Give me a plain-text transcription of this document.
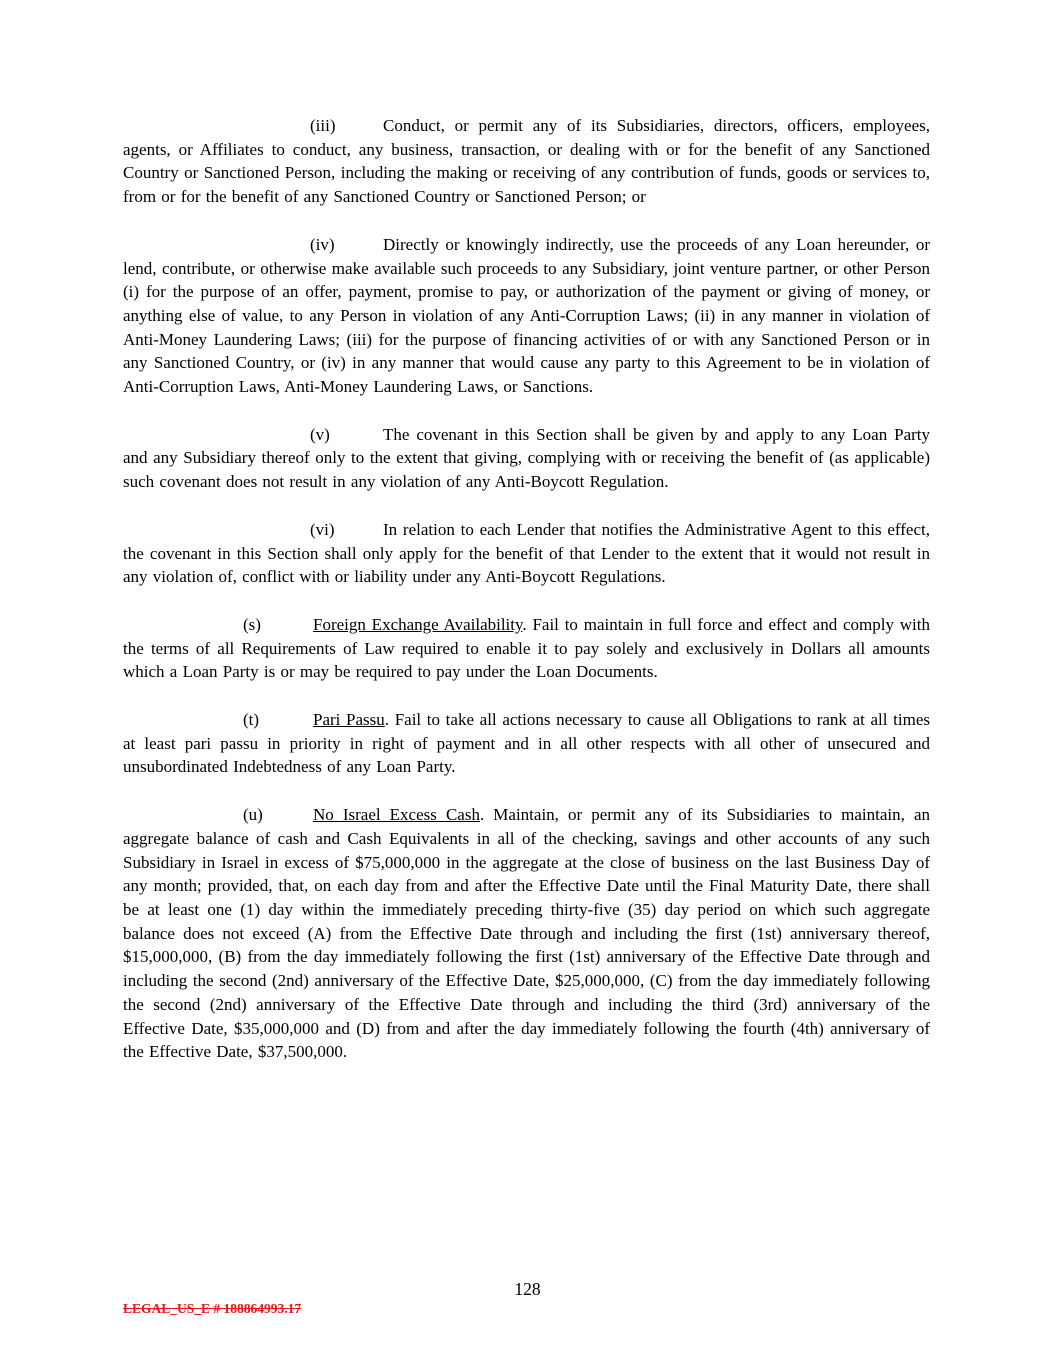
(iii)	Conduct, or permit any of its Subsidiaries, directors, officers, employees, agents, or Affiliates to conduct, any business, transaction, or dealing with or for the benefit of any Sanctioned Country or Sanctioned Person, including the making or receiving of any contribution of funds, goods or services to, from or for the benefit of any Sanctioned Country or Sanctioned Person; or

(iv)	Directly or knowingly indirectly, use the proceeds of any Loan hereunder, or lend, contribute, or otherwise make available such proceeds to any Subsidiary, joint venture partner, or other Person (i) for the purpose of an offer, payment, promise to pay, or authorization of the payment or giving of money, or anything else of value, to any Person in violation of any Anti-Corruption Laws; (ii) in any manner in violation of Anti-Money Laundering Laws; (iii) for the purpose of financing activities of or with any Sanctioned Person or in any Sanctioned Country, or (iv) in any manner that would cause any party to this Agreement to be in violation of Anti-Corruption Laws, Anti-Money Laundering Laws, or Sanctions.

(v)	The covenant in this Section shall be given by and apply to any Loan Party and any Subsidiary thereof only to the extent that giving, complying with or receiving the benefit of (as applicable) such covenant does not result in any violation of any Anti-Boycott Regulation.

(vi)	In relation to each Lender that notifies the Administrative Agent to this effect, the covenant in this Section shall only apply for the benefit of that Lender to the extent that it would not result in any violation of, conflict with or liability under any Anti-Boycott Regulations.

(s)	Foreign Exchange Availability. Fail to maintain in full force and effect and comply with the terms of all Requirements of Law required to enable it to pay solely and exclusively in Dollars all amounts which a Loan Party is or may be required to pay under the Loan Documents.

(t)	Pari Passu. Fail to take all actions necessary to cause all Obligations to rank at all times at least pari passu in priority in right of payment and in all other respects with all other of unsecured and unsubordinated Indebtedness of any Loan Party.

(u)	No Israel Excess Cash. Maintain, or permit any of its Subsidiaries to maintain, an aggregate balance of cash and Cash Equivalents in all of the checking, savings and other accounts of any such Subsidiary in Israel in excess of $75,000,000 in the aggregate at the close of business on the last Business Day of any month; provided, that, on each day from and after the Effective Date until the Final Maturity Date, there shall be at least one (1) day within the immediately preceding thirty-five (35) day period on which such aggregate balance does not exceed (A) from the Effective Date through and including the first (1st) anniversary thereof, $15,000,000, (B) from the day immediately following the first (1st) anniversary of the Effective Date through and including the second (2nd) anniversary of the Effective Date, $25,000,000, (C) from the day immediately following the second (2nd) anniversary of the Effective Date through and including the third (3rd) anniversary of the Effective Date, $35,000,000 and (D) from and after the day immediately following the fourth (4th) anniversary of the Effective Date, $37,500,000.

128
LEGAL_US_E # 188864993.17
